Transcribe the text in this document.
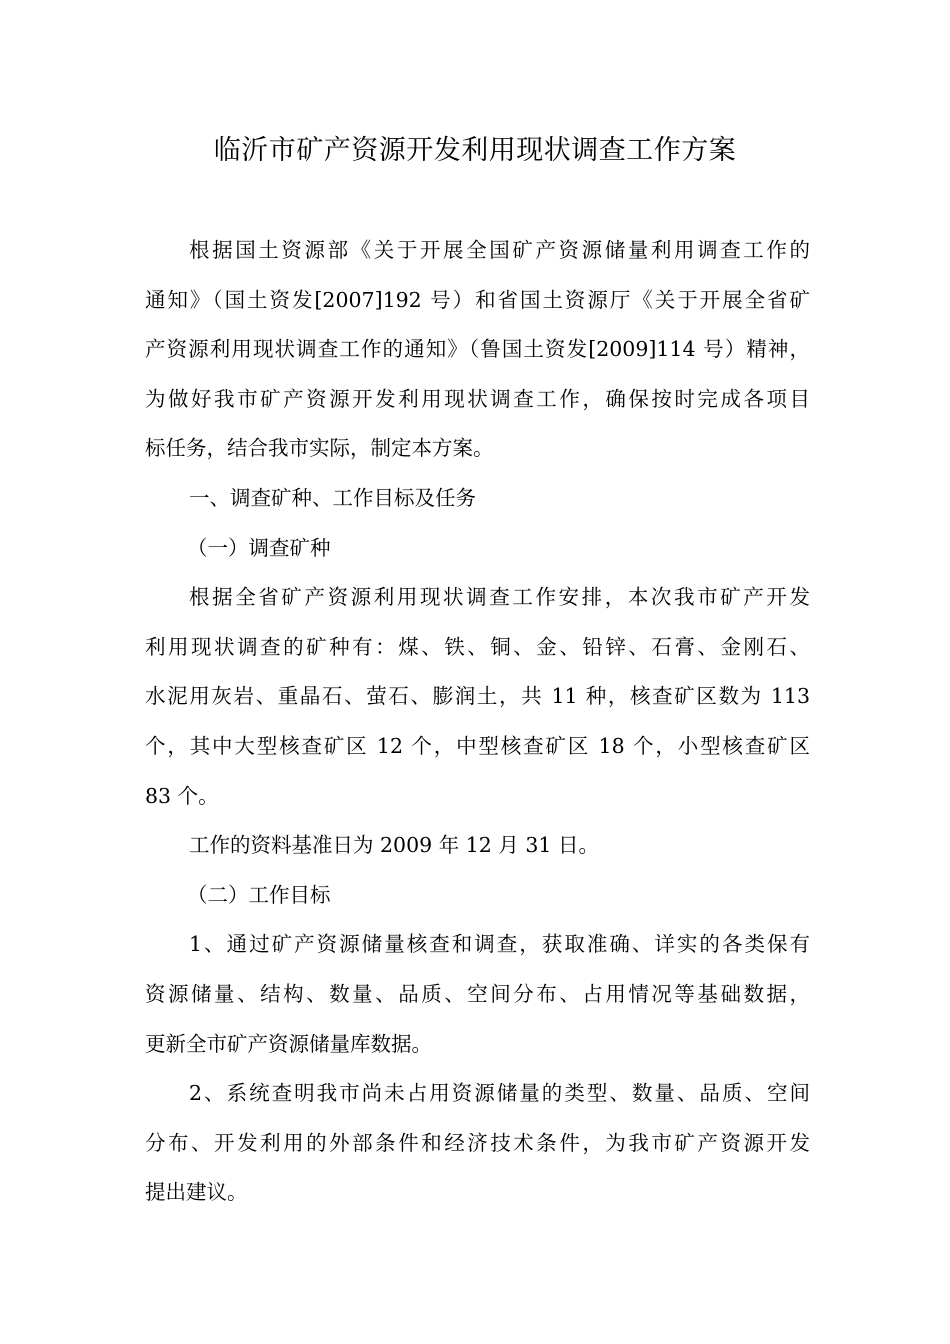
临沂市矿产资源开发利用现状调查工作方案

根据国土资源部《关于开展全国矿产资源储量利用调查工作的
通知》（国土资发[2007]192 号）和省国土资源厅《关于开展全省矿
产资源利用现状调查工作的通知》（鲁国土资发[2009]114 号）精神，
为做好我市矿产资源开发利用现状调查工作，确保按时完成各项目
标任务，结合我市实际，制定本方案。

一、调查矿种、工作目标及任务

（一）调查矿种

根据全省矿产资源利用现状调查工作安排，本次我市矿产开发
利用现状调查的矿种有：煤、铁、铜、金、铅锌、石膏、金刚石、
水泥用灰岩、重晶石、萤石、膨润土，共 11 种，核查矿区数为 113
个，其中大型核查矿区 12 个，中型核查矿区 18 个，小型核查矿区
83 个。

工作的资料基准日为 2009 年 12 月 31 日。

（二）工作目标

1、通过矿产资源储量核查和调查，获取准确、详实的各类保有
资源储量、结构、数量、品质、空间分布、占用情况等基础数据，
更新全市矿产资源储量库数据。

2、系统查明我市尚未占用资源储量的类型、数量、品质、空间
分布、开发利用的外部条件和经济技术条件，为我市矿产资源开发
提出建议。
